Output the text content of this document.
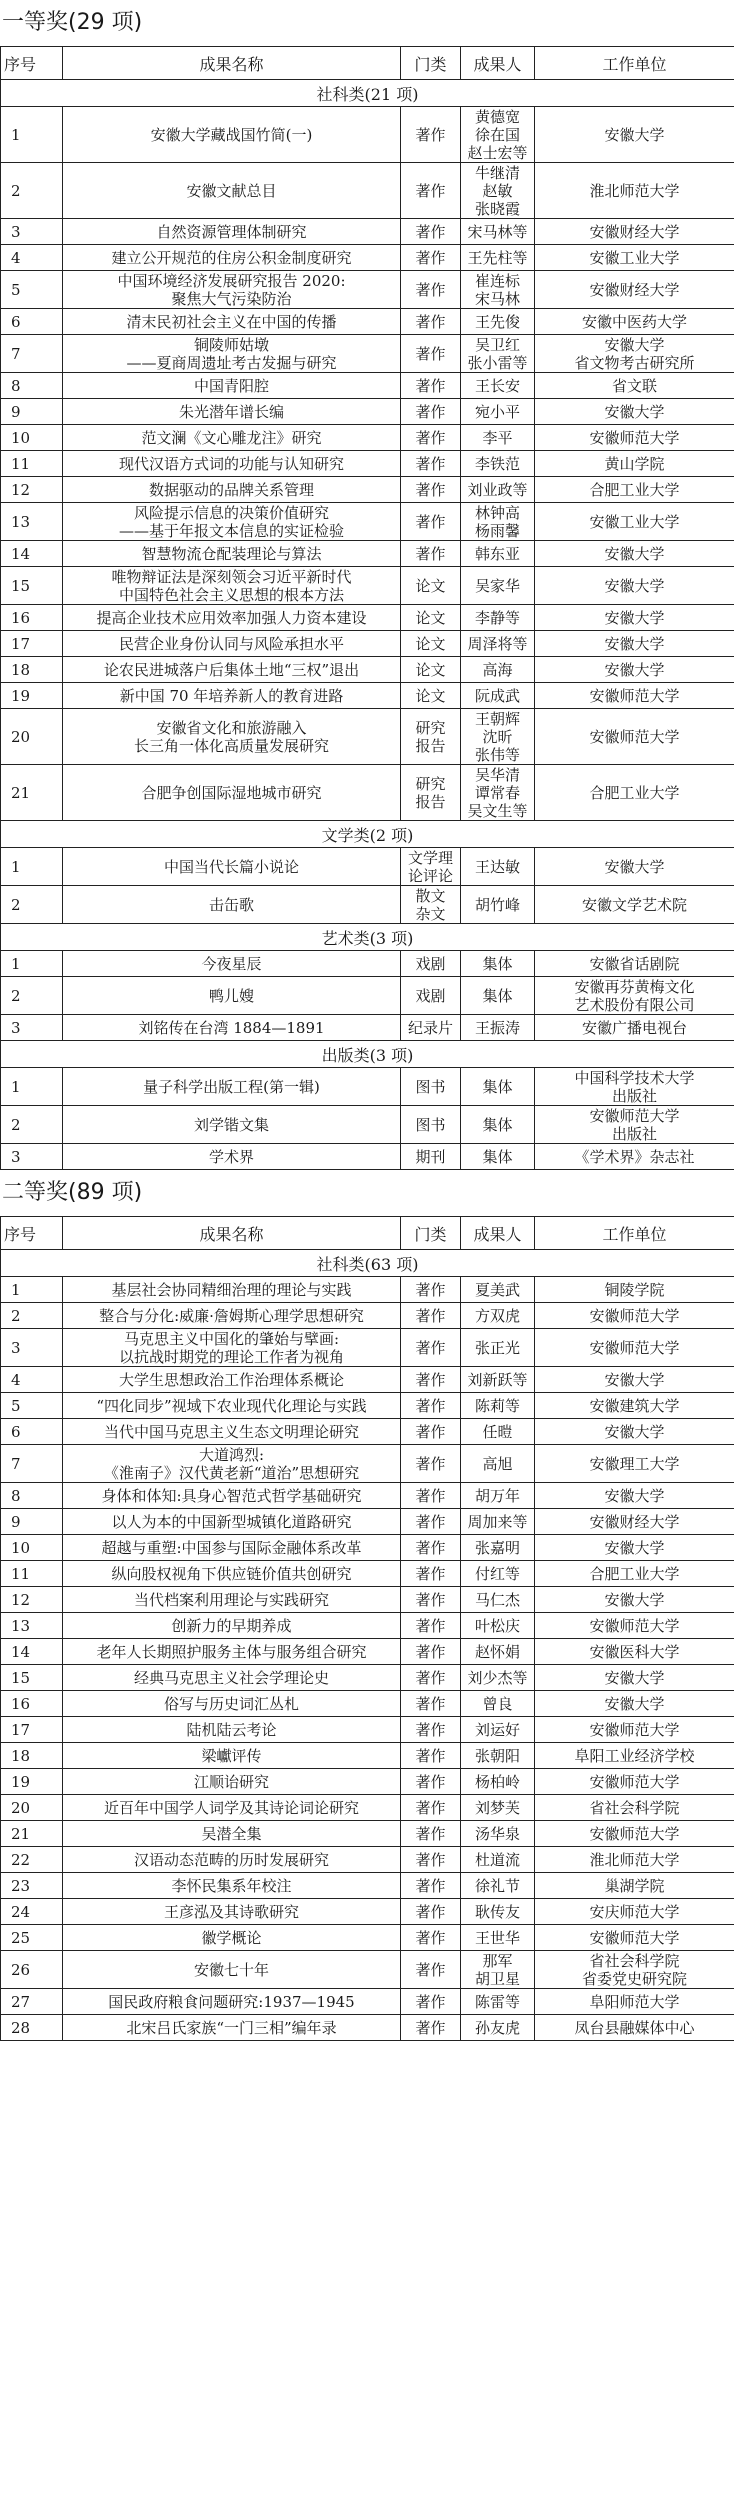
一等奖(29 项)
序号	成果名称	门类	成果人	工作单位
社科类(21 项)				
1	安徽大学藏战国竹简(一)	著作	黄德宽
徐在国
赵士宏等	安徽大学

2	安徽文献总目	著作	牛继清
赵敏
张晓霞	淮北师范大学

3	自然资源管理体制研究	著作	宋马林等	安徽财经大学

4	建立公开规范的住房公积金制度研究	著作	王先柱等	安徽工业大学

5	中国环境经济发展研究报告 2020:
聚焦大气污染防治	著作	崔连标
宋马林	安徽财经大学

6	清末民初社会主义在中国的传播	著作	王先俊	安徽中医药大学

7	铜陵师姑墩
——夏商周遗址考古发掘与研究	著作	吴卫红
张小雷等	安徽大学
省文物考古研究所

8	中国青阳腔	著作	王长安	省文联

9	朱光潜年谱长编	著作	宛小平	安徽大学

10	范文澜《文心雕龙注》研究	著作	李平	安徽师范大学

11	现代汉语方式词的功能与认知研究	著作	李铁范	黄山学院

12	数据驱动的品牌关系管理	著作	刘业政等	合肥工业大学

13	风险提示信息的决策价值研究
——基于年报文本信息的实证检验	著作	林钟高
杨雨馨	安徽工业大学

14	智慧物流仓配装理论与算法	著作	韩东亚	安徽大学

15	唯物辩证法是深刻领会习近平新时代
中国特色社会主义思想的根本方法	论文	吴家华	安徽大学

16	提高企业技术应用效率加强人力资本建设	论文	李静等	安徽大学

17	民营企业身份认同与风险承担水平	论文	周泽将等	安徽大学

18	论农民进城落户后集体土地“三权”退出	论文	高海	安徽大学

19	新中国 70 年培养新人的教育进路	论文	阮成武	安徽师范大学

20	安徽省文化和旅游融入
长三角一体化高质量发展研究	研究
报告	王朝辉
沈昕
张伟等	安徽师范大学

21	合肥争创国际湿地城市研究	研究
报告	吴华清
谭常春
吴文生等	合肥工业大学

文学类(2 项)				
1	中国当代长篇小说论	文学理
论评论	王达敏	安徽大学

2	击缶歌	散文
杂文	胡竹峰	安徽文学艺术院

艺术类(3 项)				
1	今夜星辰	戏剧	集体	安徽省话剧院

2	鸭儿嫂	戏剧	集体	安徽再芬黄梅文化
艺术股份有限公司

3	刘铭传在台湾 1884—1891	纪录片	王振涛	安徽广播电视台

出版类(3 项)				
1	量子科学出版工程(第一辑)	图书	集体	中国科学技术大学
出版社

2	刘学锴文集	图书	集体	安徽师范大学
出版社

3	学术界	期刊	集体	《学术界》杂志社
二等奖(89 项)
序号	成果名称	门类	成果人	工作单位
社科类(63 项)				
1	基层社会协同精细治理的理论与实践	著作	夏美武	铜陵学院

2	整合与分化:威廉·詹姆斯心理学思想研究	著作	方双虎	安徽师范大学

3	马克思主义中国化的肇始与擘画:
以抗战时期党的理论工作者为视角	著作	张正光	安徽师范大学

4	大学生思想政治工作治理体系概论	著作	刘新跃等	安徽大学

5	“四化同步”视域下农业现代化理论与实践	著作	陈莉等	安徽建筑大学

6	当代中国马克思主义生态文明理论研究	著作	任暟	安徽大学

7	大道鸿烈:
《淮南子》汉代黄老新“道治”思想研究	著作	高旭	安徽理工大学

8	身体和体知:具身心智范式哲学基础研究	著作	胡万年	安徽大学

9	以人为本的中国新型城镇化道路研究	著作	周加来等	安徽财经大学

10	超越与重塑:中国参与国际金融体系改革	著作	张嘉明	安徽大学

11	纵向股权视角下供应链价值共创研究	著作	付红等	合肥工业大学

12	当代档案利用理论与实践研究	著作	马仁杰	安徽大学

13	创新力的早期养成	著作	叶松庆	安徽师范大学

14	老年人长期照护服务主体与服务组合研究	著作	赵怀娟	安徽医科大学

15	经典马克思主义社会学理论史	著作	刘少杰等	安徽大学

16	俗写与历史词汇丛札	著作	曾良	安徽大学

17	陆机陆云考论	著作	刘运好	安徽师范大学

18	梁巘评传	著作	张朝阳	阜阳工业经济学校

19	江顺诒研究	著作	杨柏岭	安徽师范大学

20	近百年中国学人词学及其诗论词论研究	著作	刘梦芙	省社会科学院

21	吴潜全集	著作	汤华泉	安徽师范大学

22	汉语动态范畴的历时发展研究	著作	杜道流	淮北师范大学

23	李怀民集系年校注	著作	徐礼节	巢湖学院

24	王彦泓及其诗歌研究	著作	耿传友	安庆师范大学

25	徽学概论	著作	王世华	安徽师范大学

26	安徽七十年	著作	那军
胡卫星	省社会科学院
省委党史研究院

27	国民政府粮食问题研究:1937—1945	著作	陈雷等	阜阳师范大学

28	北宋吕氏家族“一门三相”编年录	著作	孙友虎	凤台县融媒体中心
